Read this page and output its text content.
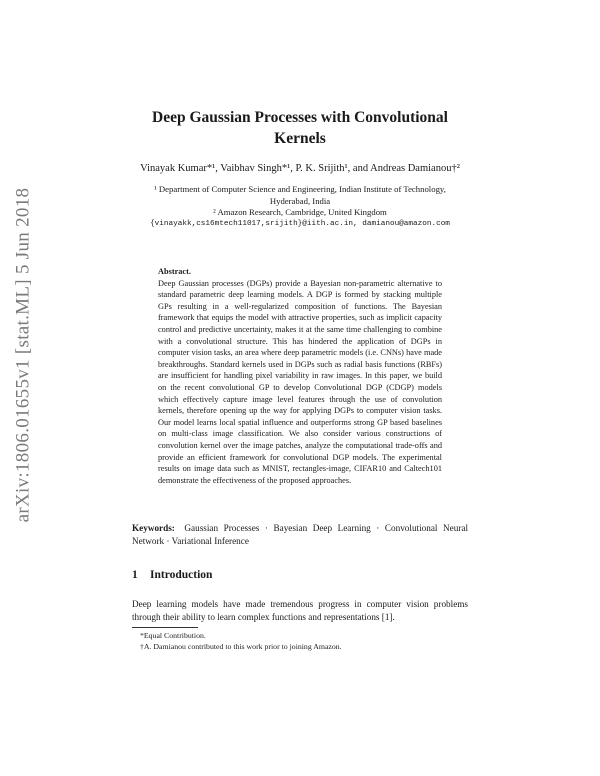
arXiv:1806.01655v1 [stat.ML] 5 Jun 2018
Deep Gaussian Processes with Convolutional Kernels

Vinayak Kumar*¹, Vaibhav Singh*¹, P. K. Srijith¹, and Andreas Damianou†²

¹ Department of Computer Science and Engineering, Indian Institute of Technology, Hyderabad, India
² Amazon Research, Cambridge, United Kingdom
{vinayakk,cs16mtech11017,srijith}@iith.ac.in, damianou@amazon.com
Abstract.
Deep Gaussian processes (DGPs) provide a Bayesian non-parametric alternative to standard parametric deep learning models. A DGP is formed by stacking multiple GPs resulting in a well-regularized composition of functions. The Bayesian framework that equips the model with attractive properties, such as implicit capacity control and predictive uncertainty, makes it at the same time challenging to combine with a convolutional structure. This has hindered the application of DGPs in computer vision tasks, an area where deep parametric models (i.e. CNNs) have made breakthroughs. Standard kernels used in DGPs such as radial basis functions (RBFs) are insufficient for handling pixel variability in raw images. In this paper, we build on the recent convolutional GP to develop Convolutional DGP (CDGP) models which effectively capture image level features through the use of convolution kernels, therefore opening up the way for applying DGPs to computer vision tasks. Our model learns local spatial influence and outperforms strong GP based baselines on multi-class image classification. We also consider various constructions of convolution kernel over the image patches, analyze the computational trade-offs and provide an efficient framework for convolutional DGP models. The experimental results on image data such as MNIST, rectangles-image, CIFAR10 and Caltech101 demonstrate the effectiveness of the proposed approaches.
Keywords: Gaussian Processes · Bayesian Deep Learning · Convolutional Neural Network · Variational Inference
1 Introduction

Deep learning models have made tremendous progress in computer vision problems through their ability to learn complex functions and representations [1].

*Equal Contribution.

†A. Damianou contributed to this work prior to joining Amazon.
